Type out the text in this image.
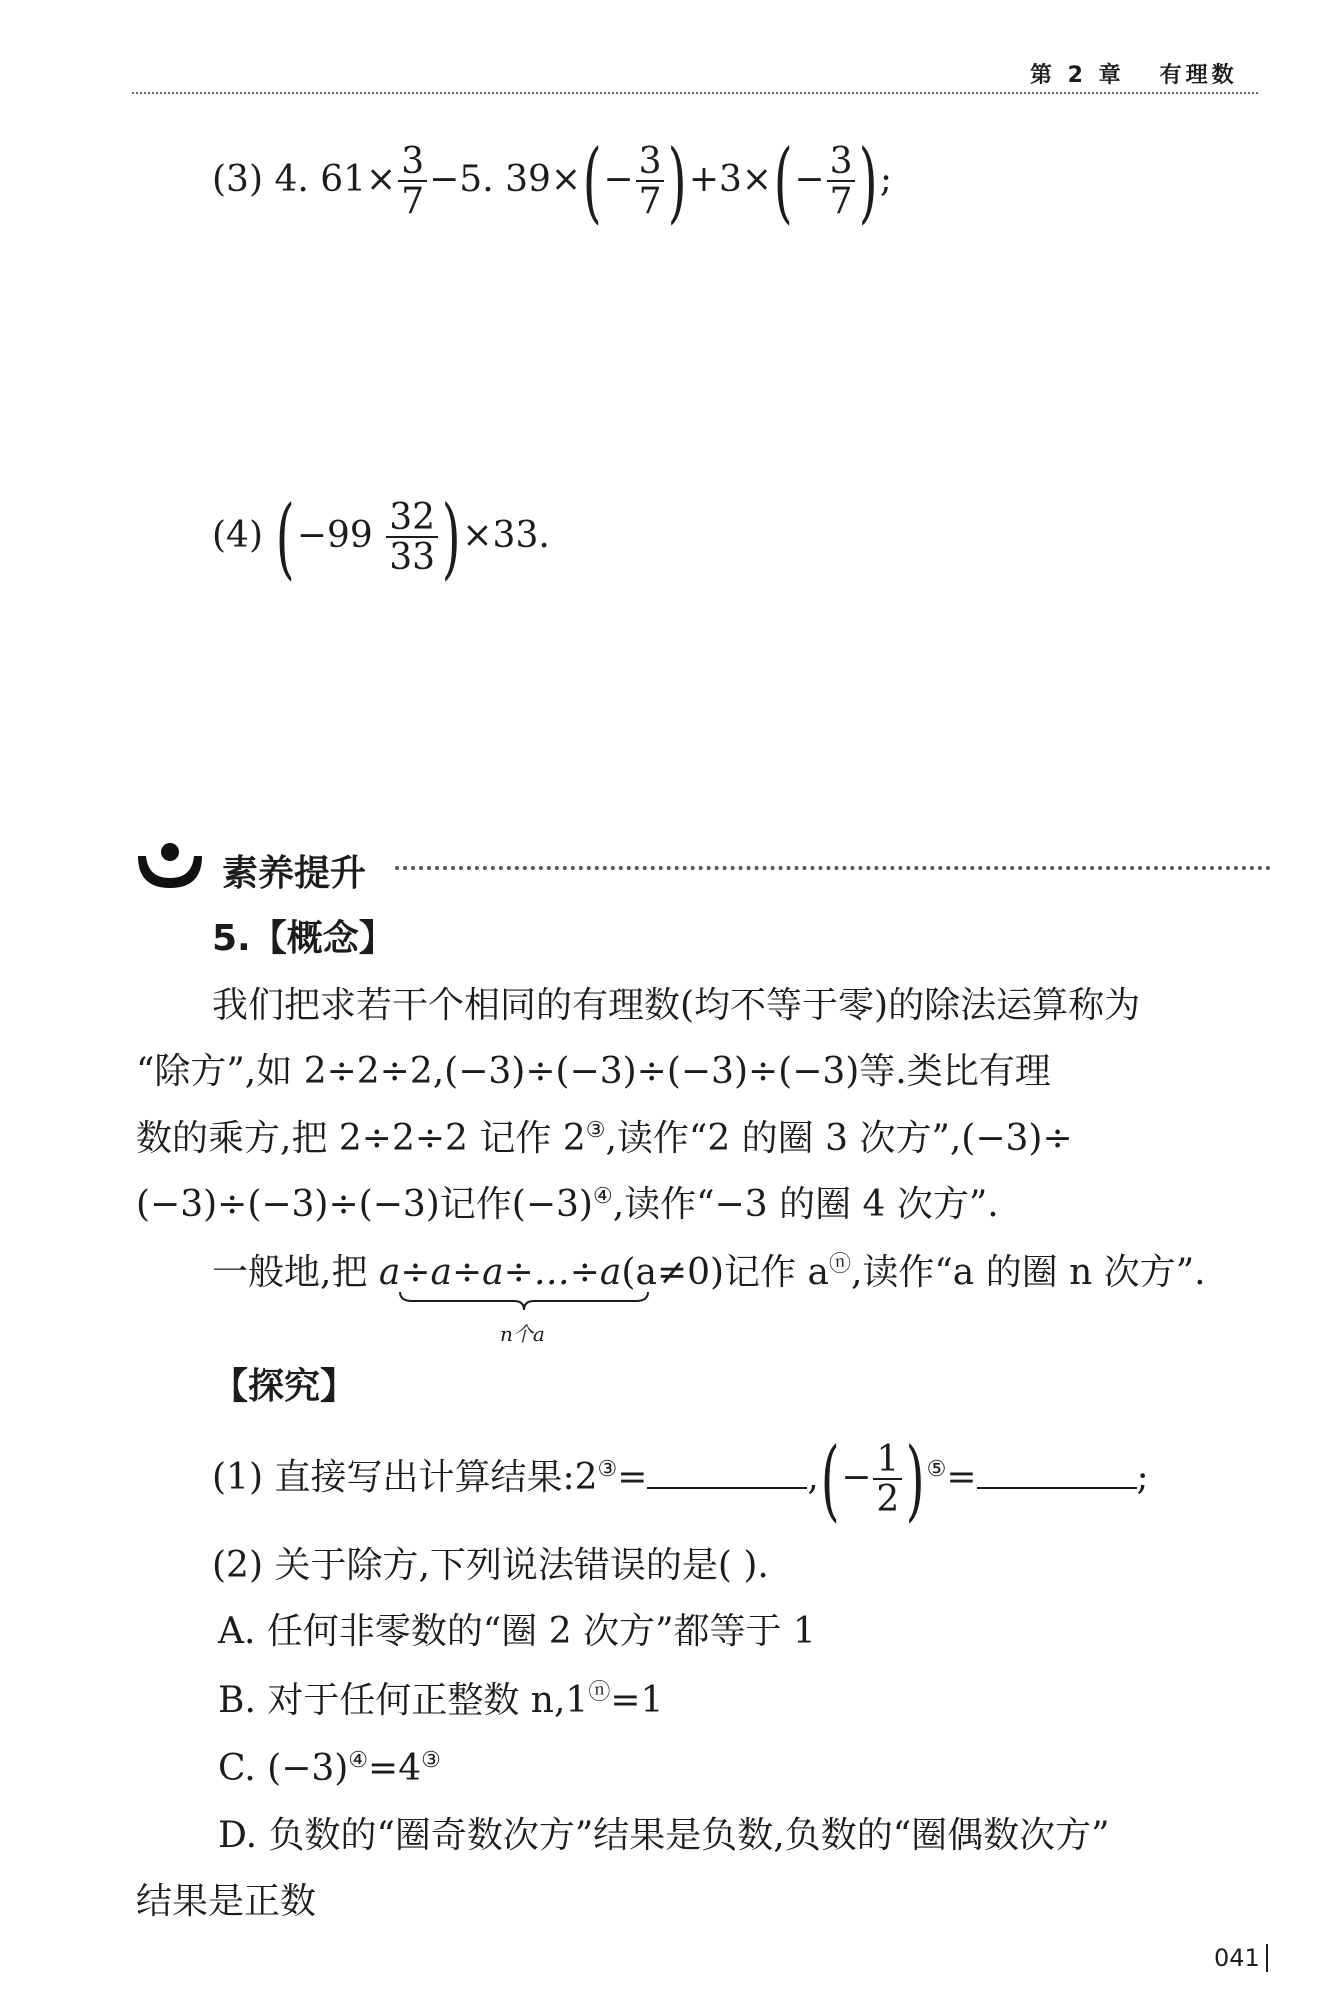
第 2 章 有理数
(3) 4. $61\times \frac{3}{7} -5$. $39\times(- \frac{3}{7} )+3\times(- \frac{3}{7}$ );
(4) $(-99 \frac{32}{33} )\times 33$.
素养提升
5.【概念】
我们把求若干个相同的有理数(均不等于零)的除法运算称为
“除方”,如 2÷2÷2,(−3)÷(−3)÷(−3)÷(−3)等.类比有理
数的乘方,把 2÷2÷2 记作 2③,读作“2 的圈 3 次方”,(−3)÷
(−3)÷(−3)÷(−3)记作(−3)④,读作“−3 的圈 4 次方”.
一般地,把 a÷a÷a÷…÷a(a≠0)记作 aⓝ,读作“a 的圈 n 次方”.
n个a
【探究】
(1) 直接写出计算结果:2③=	,(− $\frac{1}{2} )^⑤=$	;
(2) 关于除方,下列说法错误的是( ).
A. 任何非零数的“圈 2 次方”都等于 1
B. 对于任何正整数 n,1ⓝ=1
C. (−3)④=4③
D. 负数的“圈奇数次方”结果是负数,负数的“圈偶数次方”
结果是正数
041
